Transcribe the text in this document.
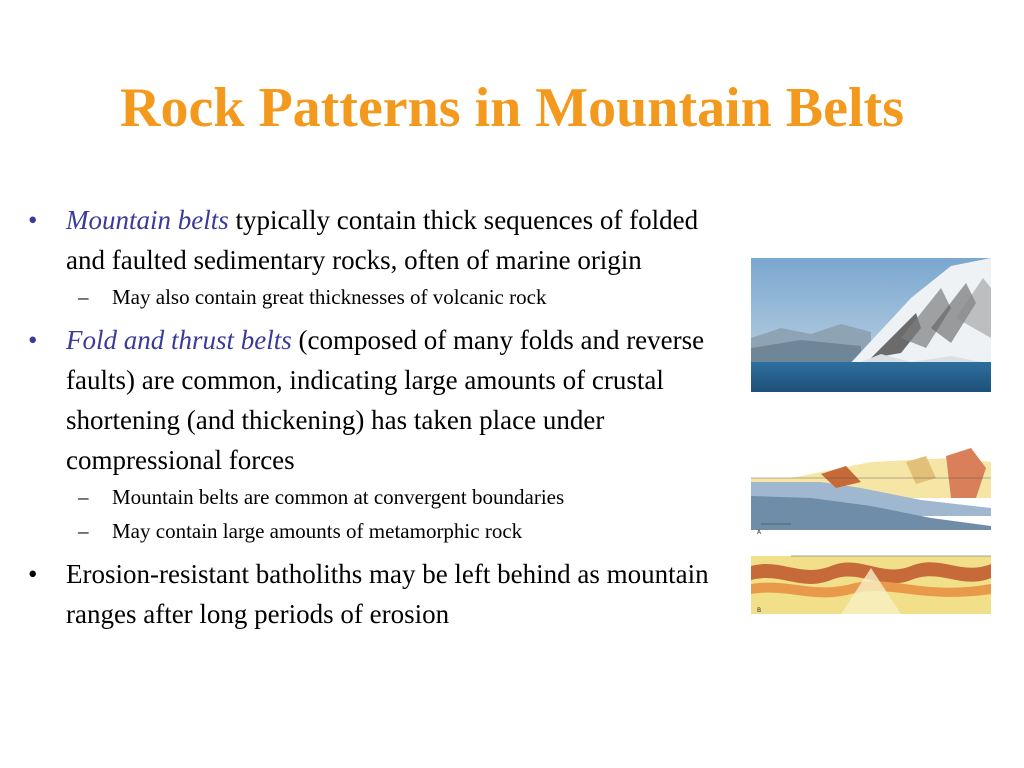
Rock Patterns in Mountain Belts

• Mountain belts typically contain thick sequences of folded and faulted sedimentary rocks, often of marine origin

– May also contain great thicknesses of volcanic rock

• Fold and thrust belts (composed of many folds and reverse faults) are common, indicating large amounts of crustal shortening (and thickening) has taken place under compressional forces

– Mountain belts are common at convergent boundaries

– May contain large amounts of metamorphic rock

• Erosion-resistant batholiths may be left behind as mountain ranges after long periods of erosion

A
B
